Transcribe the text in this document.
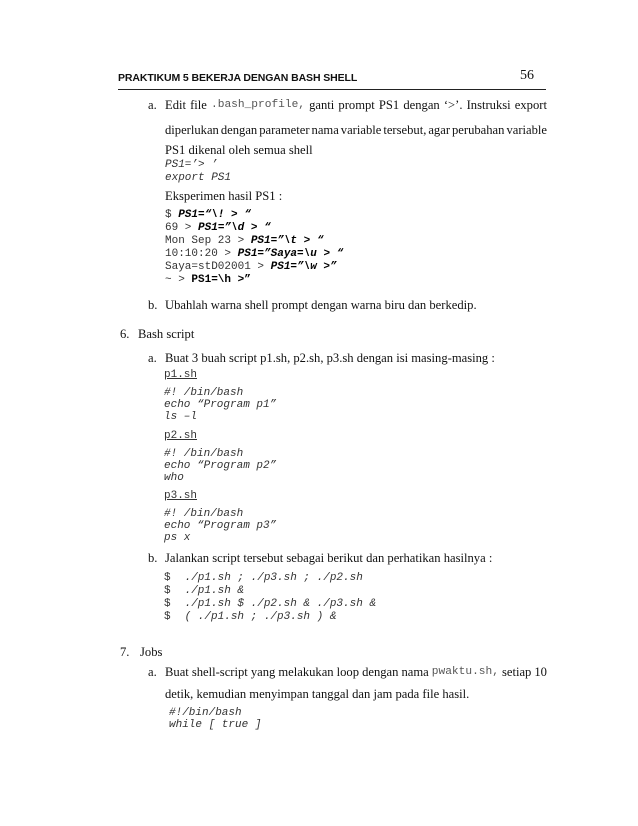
PRAKTIKUM 5 BEKERJA DENGAN BASH SHELL	56
a. Edit file .bash_profile, ganti prompt PS1 dengan ‘>’. Instruksi export
diperlukan dengan parameter nama variable tersebut, agar perubahan variable
PS1 dikenal oleh semua shell
PS1=’> ’
export PS1
Eksperimen hasil PS1 :
$ PS1=“\! > “
69 > PS1=”\d > “
Mon Sep 23 > PS1=”\t > “
10:10:20 > PS1=”Saya=\u > “
Saya=stD02001 > PS1=”\w >”
~ > PS1=\h >”
b. Ubahlah warna shell prompt dengan warna biru dan berkedip.
6. Bash script
a. Buat 3 buah script p1.sh, p2.sh, p3.sh dengan isi masing-masing :
p1.sh
#! /bin/bash
echo “Program p1”
ls –l
p2.sh
#! /bin/bash
echo “Program p2”
who
p3.sh
#! /bin/bash
echo “Program p3”
ps x
b. Jalankan script tersebut sebagai berikut dan perhatikan hasilnya :
$ ./p1.sh ; ./p3.sh ; ./p2.sh
$ ./p1.sh &
$ ./p1.sh $ ./p2.sh & ./p3.sh &
$ ( ./p1.sh ; ./p3.sh ) &
7. Jobs
a. Buat shell-script yang melakukan loop dengan nama pwaktu.sh, setiap 10
detik, kemudian menyimpan tanggal dan jam pada file hasil.
#!/bin/bash
while [ true ]
